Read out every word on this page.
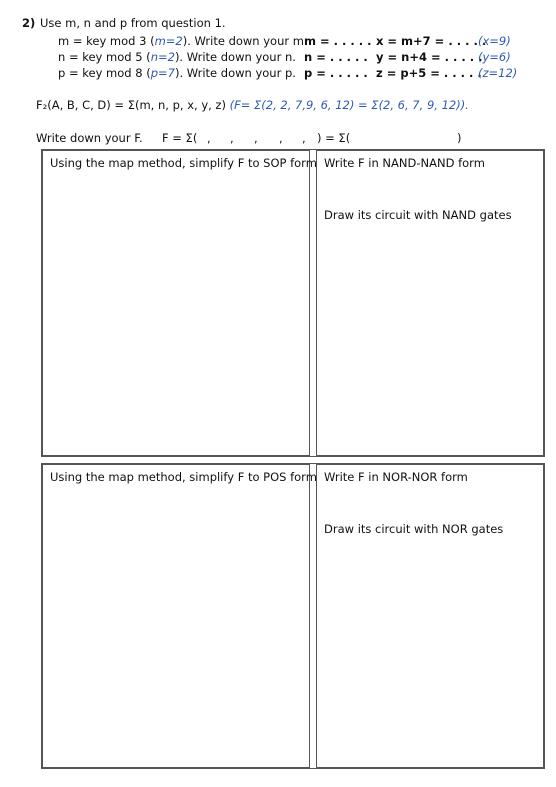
2) Use m, n and p from question 1.
m = key mod 3 (m=2). Write down your m.
n = key mod 5 (n=2). Write down your n.
p = key mod 8 (p=7). Write down your p.
m = . . . . .
n = . . . . .
p = . . . . .
x = m+7 = . . . . .
y = n+4 = . . . . .
z = p+5 = . . . . .
(x=9)
(y=6)
(z=12)
F₂(A, B, C, D) = Σ(m, n, p, x, y, z) (F= Σ(2, 2, 7,9, 6, 12) = Σ(2, 6, 7, 9, 12)).
Write down your F. F = Σ( , , , , , ) = Σ(	)
Using the map method, simplify F to SOP form Write F in NAND-NAND form
Draw its circuit with NAND gates
Using the map method, simplify F to POS form Write F in NOR-NOR form
Draw its circuit with NOR gates
